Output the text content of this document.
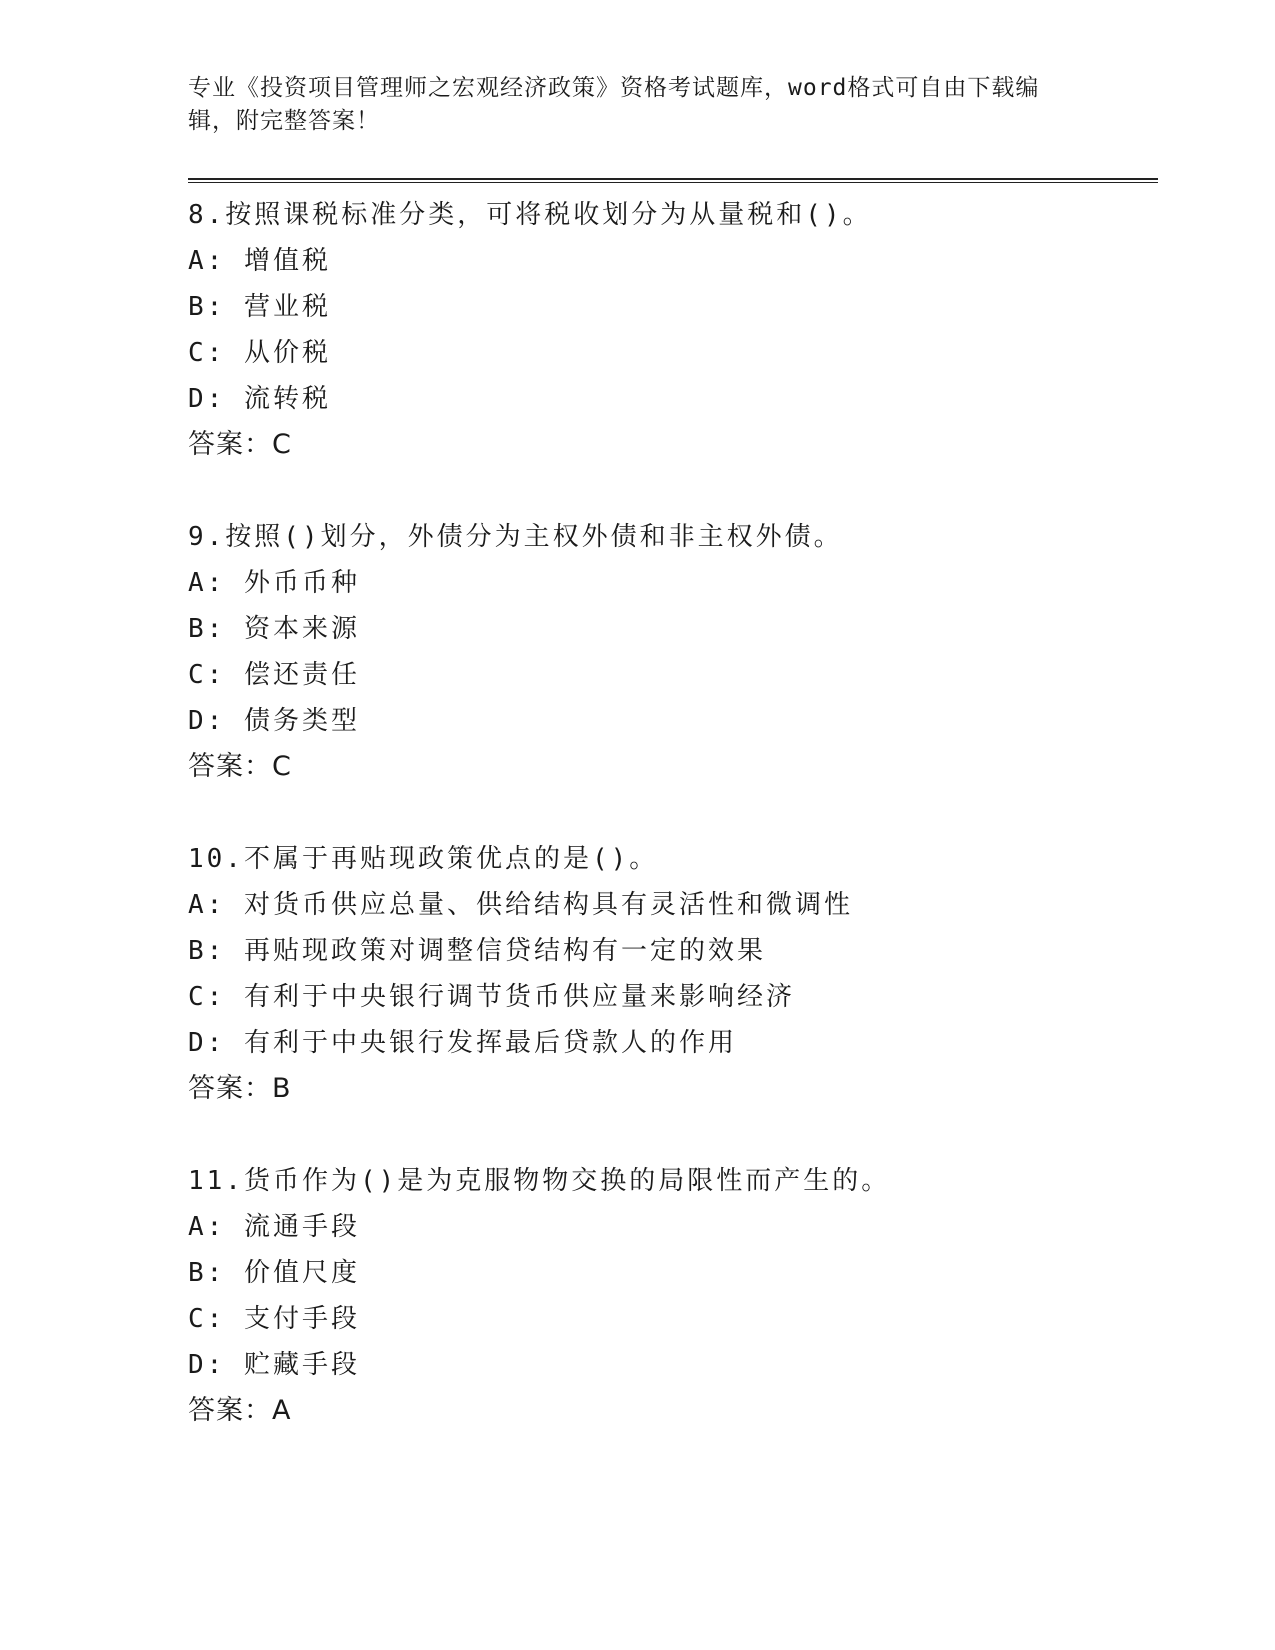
专业《投资项目管理师之宏观经济政策》资格考试题库，word格式可自由下载编
辑，附完整答案！
8.按照课税标准分类，可将税收划分为从量税和()。
A: 增值税
B: 营业税
C: 从价税
D: 流转税
答案：C
9.按照()划分，外债分为主权外债和非主权外债。
A: 外币币种
B: 资本来源
C: 偿还责任
D: 债务类型
答案：C
10.不属于再贴现政策优点的是()。
A: 对货币供应总量、供给结构具有灵活性和微调性
B: 再贴现政策对调整信贷结构有一定的效果
C: 有利于中央银行调节货币供应量来影响经济
D: 有利于中央银行发挥最后贷款人的作用
答案：B
11.货币作为()是为克服物物交换的局限性而产生的。
A: 流通手段
B: 价值尺度
C: 支付手段
D: 贮藏手段
答案：A
